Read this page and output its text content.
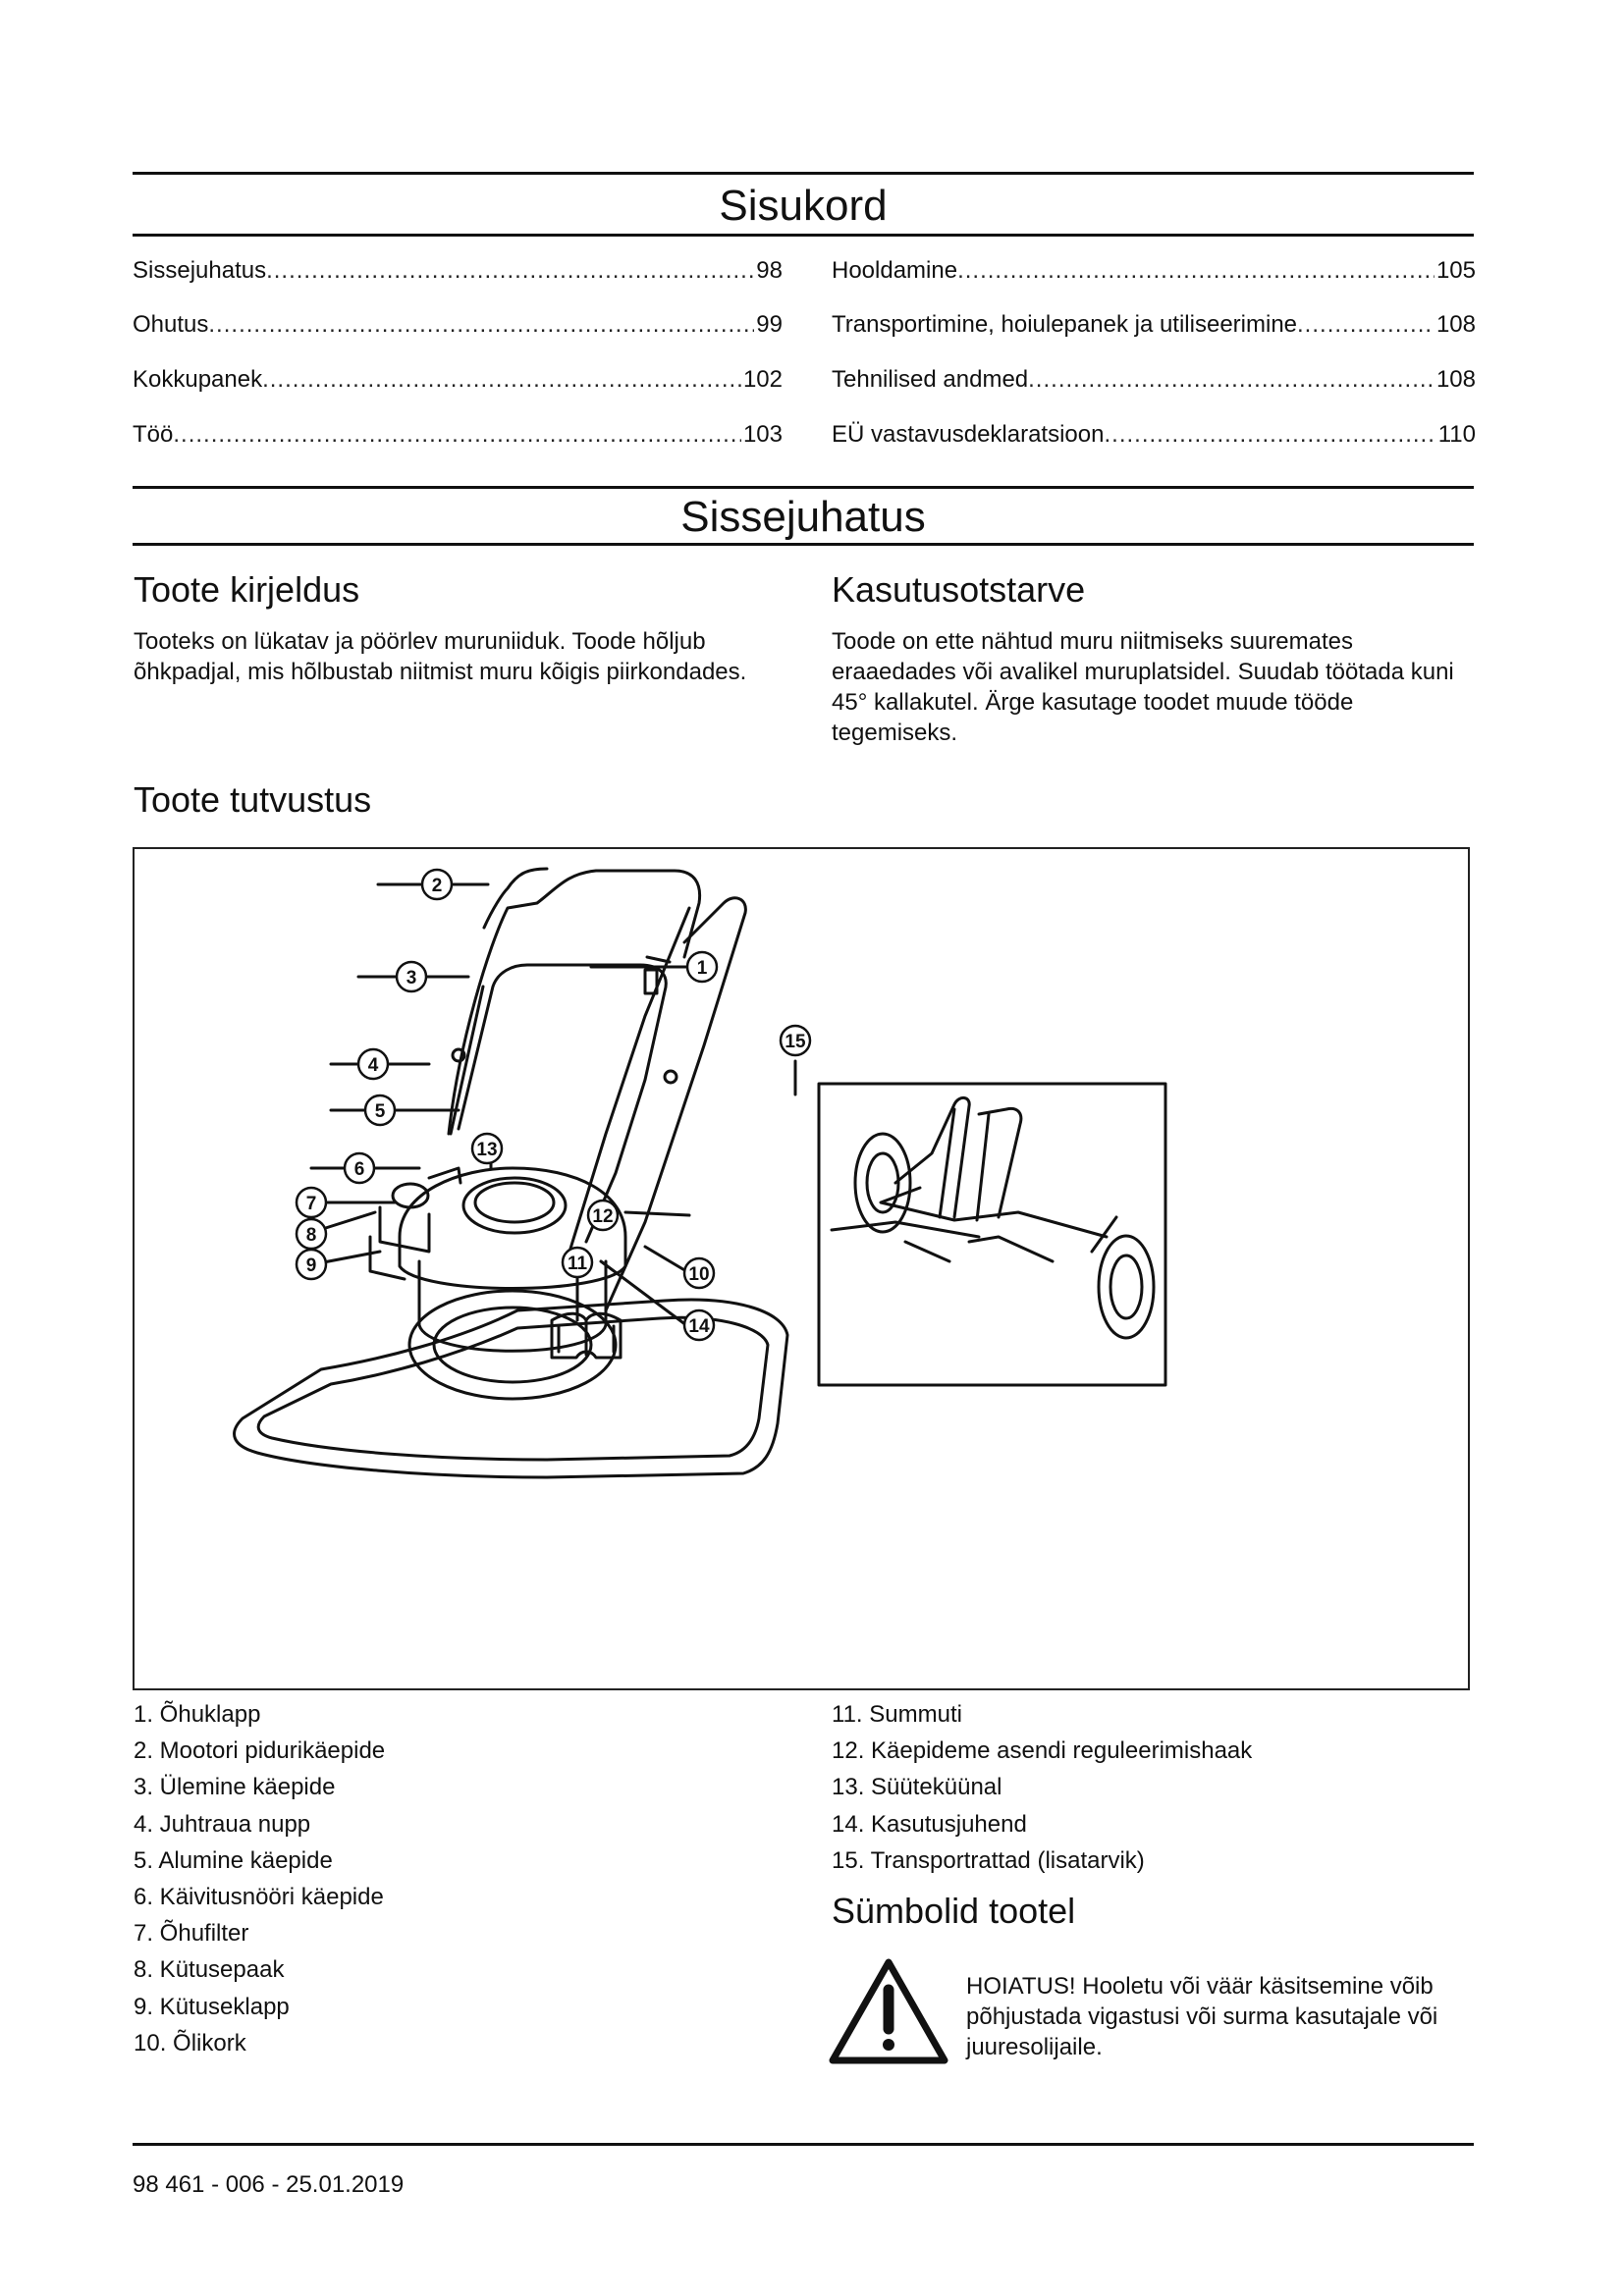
Sisukord
Sissejuhatus .....	98
Ohutus .....	99
Kokkupanek .....	102
Töö .....	103
Hooldamine .....	105
Transportimine, hoiulepanek ja utiliseerimine .....	108
Tehnilised andmed .....	108
EÜ vastavusdeklaratsioon .....	110
Sissejuhatus
Toote kirjeldus

Tooteks on lükatav ja pöörlev muruniiduk. Toode hõljub õhkpadjal, mis hõlbustab niitmist muru kõigis piirkondades.

Kasutusotstarve

Toode on ette nähtud muru niitmiseks suuremates eraaedades või avalikel muruplatsidel. Suudab töötada kuni 45° kallakutel. Ärge kasutage toodet muude tööde tegemiseks.

Toote tutvustus
2
1
3
4
5
6
13
7
8
9
12
10
11
14
15
1. Õhuklapp
2. Mootori pidurikäepide
3. Ülemine käepide
4. Juhtraua nupp
5. Alumine käepide
6. Käivitusnööri käepide
7. Õhufilter
8. Kütusepaak
9. Kütuseklapp
10. Õlikork
11. Summuti
12. Käepideme asendi reguleerimishaak
13. Süüteküünal
14. Kasutusjuhend
15. Transportrattad (lisatarvik)
Sümbolid tootel

HOIATUS! Hooletu või väär käsitsemine võib põhjustada vigastusi või surma kasutajale või juuresolijaile.

98 461 - 006 - 25.01.2019
